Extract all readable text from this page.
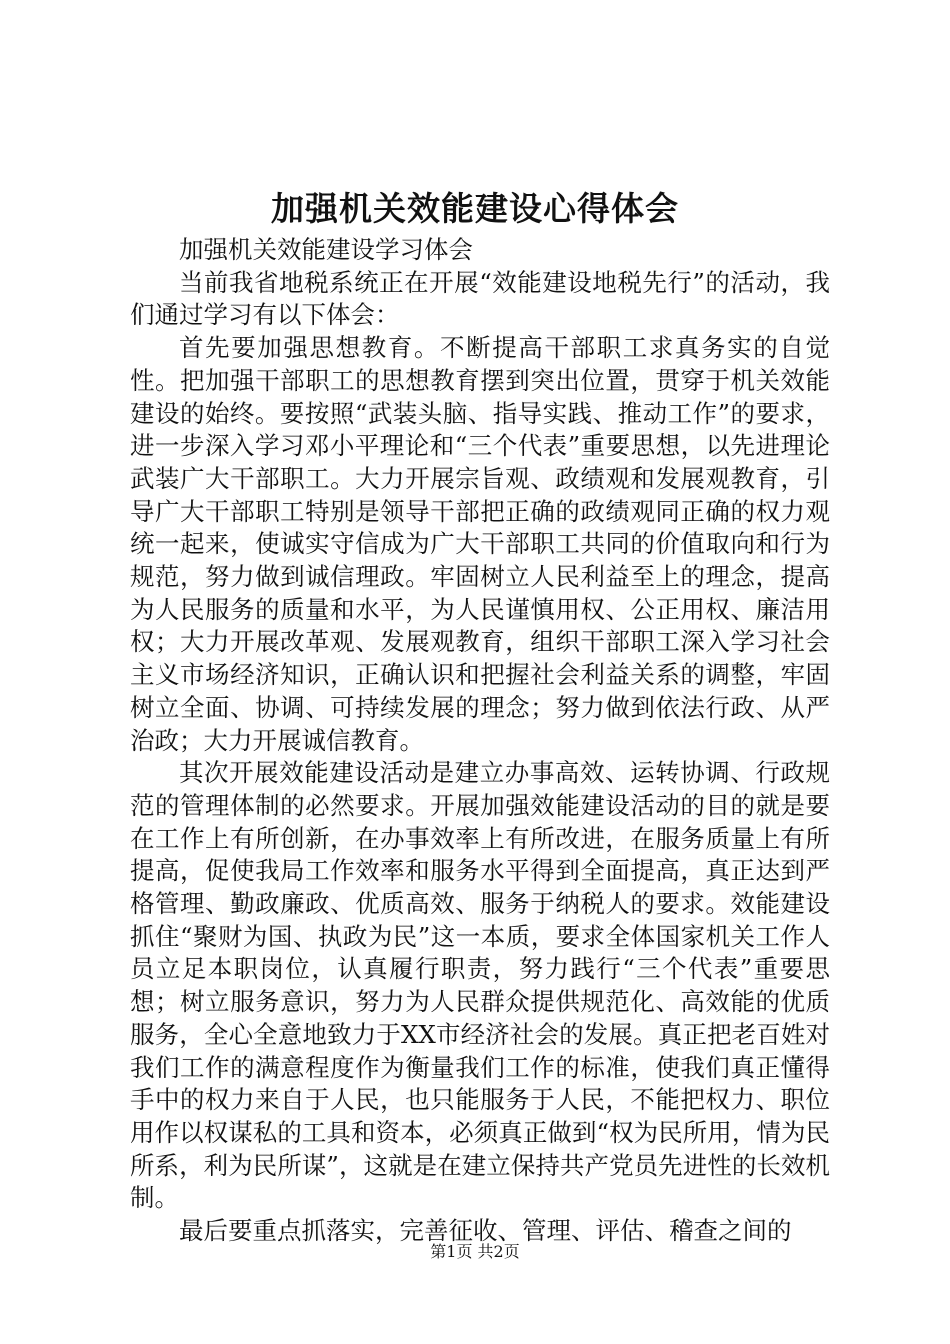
加强机关效能建设心得体会

加强机关效能建设学习体会

当前我省地税系统正在开展“效能建设地税先行”的活动，我们通过学习有以下体会：

首先要加强思想教育。不断提高干部职工求真务实的自觉性。把加强干部职工的思想教育摆到突出位置，贯穿于机关效能建设的始终。要按照“武装头脑、指导实践、推动工作”的要求，进一步深入学习邓小平理论和“三个代表”重要思想，以先进理论武装广大干部职工。大力开展宗旨观、政绩观和发展观教育，引导广大干部职工特别是领导干部把正确的政绩观同正确的权力观统一起来，使诚实守信成为广大干部职工共同的价值取向和行为规范，努力做到诚信理政。牢固树立人民利益至上的理念，提高为人民服务的质量和水平，为人民谨慎用权、公正用权、廉洁用权；大力开展改革观、发展观教育，组织干部职工深入学习社会主义市场经济知识，正确认识和把握社会利益关系的调整，牢固树立全面、协调、可持续发展的理念；努力做到依法行政、从严治政；大力开展诚信教育。

其次开展效能建设活动是建立办事高效、运转协调、行政规范的管理体制的必然要求。开展加强效能建设活动的目的就是要在工作上有所创新，在办事效率上有所改进，在服务质量上有所提高，促使我局工作效率和服务水平得到全面提高，真正达到严格管理、勤政廉政、优质高效、服务于纳税人的要求。效能建设抓住“聚财为国、执政为民”这一本质，要求全体国家机关工作人员立足本职岗位，认真履行职责，努力践行“三个代表”重要思想；树立服务意识，努力为人民群众提供规范化、高效能的优质服务，全心全意地致力于XX市经济社会的发展。真正把老百姓对我们工作的满意程度作为衡量我们工作的标准，使我们真正懂得手中的权力来自于人民，也只能服务于人民，不能把权力、职位用作以权谋私的工具和资本，必须真正做到“权为民所用，情为民所系，利为民所谋”，这就是在建立保持共产党员先进性的长效机制。

最后要重点抓落实，完善征收、管理、评估、稽查之间的

第1页 共2页
